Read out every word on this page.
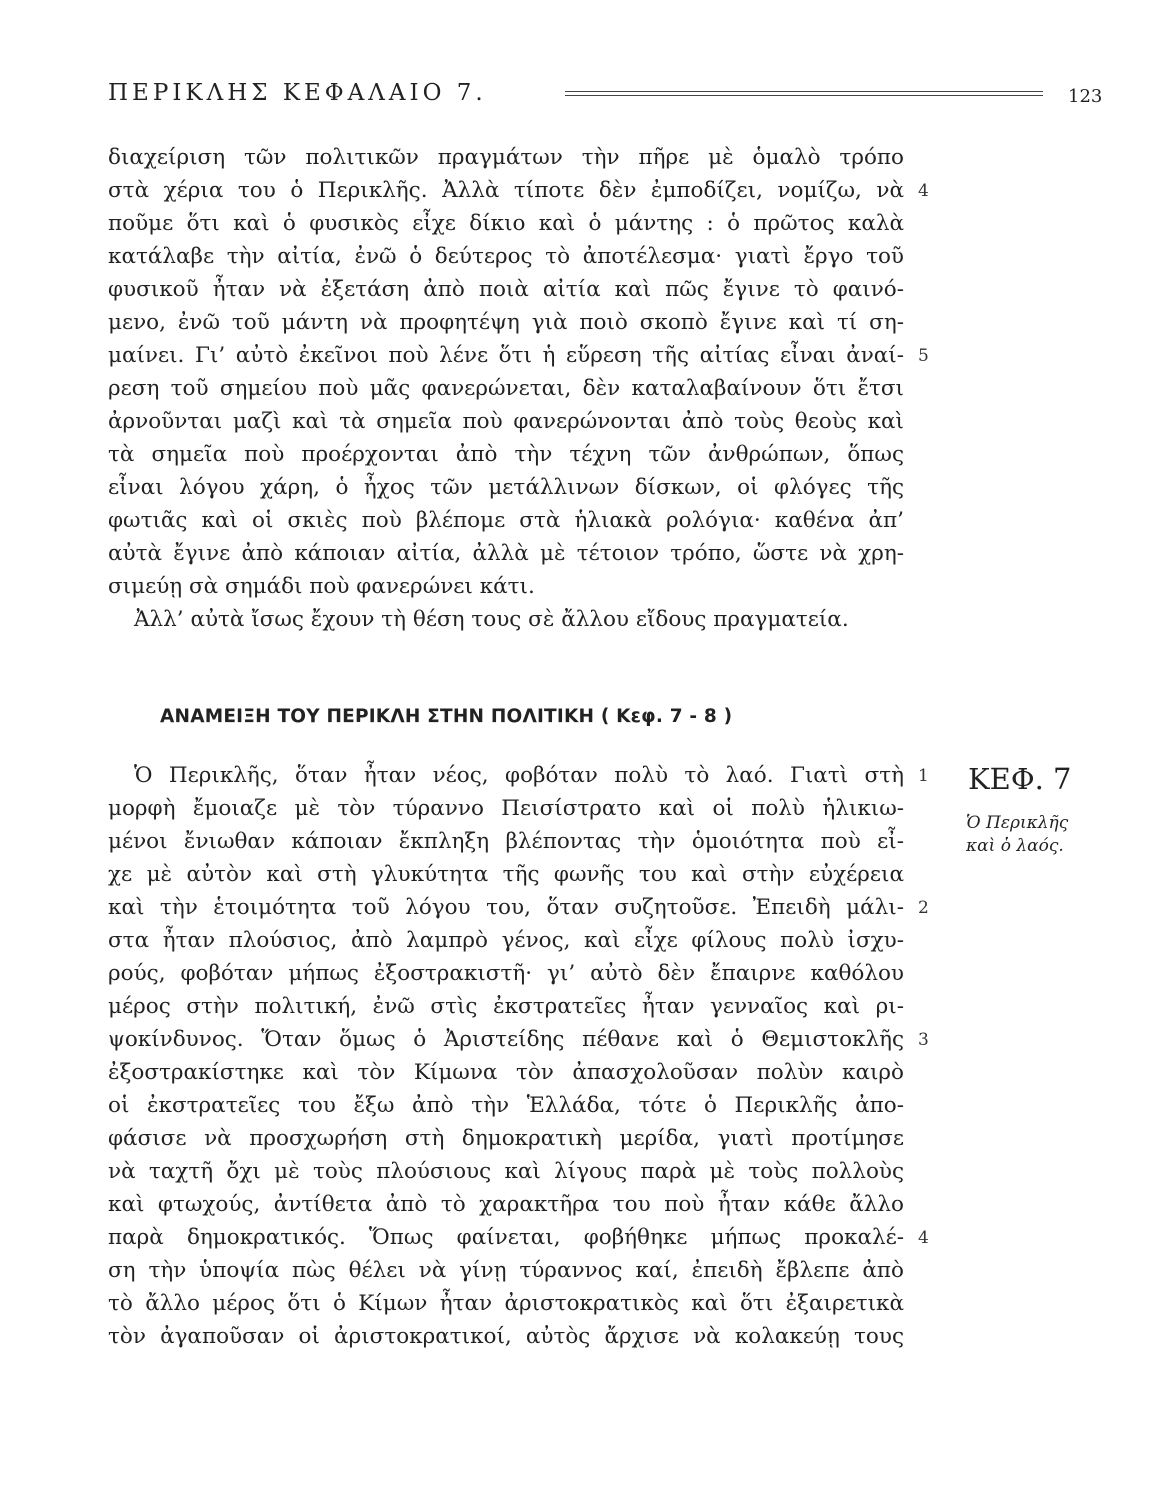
ΠΕΡΙΚΛΗΣ ΚΕΦΑΛΑΙΟ 7.	123
διαχείριση τῶν πολιτικῶν πραγμάτων τὴν πῆρε μὲ ὁμαλὸ τρόπο
στὰ χέρια του ὁ Περικλῆς. Ἀλλὰ τίποτε δὲν ἐμποδίζει, νομίζω, νὰ
ποῦμε ὅτι καὶ ὁ φυσικὸς εἶχε δίκιο καὶ ὁ μάντης : ὁ πρῶτος καλὰ
κατάλαβε τὴν αἰτία, ἐνῶ ὁ δεύτερος τὸ ἀποτέλεσμα· γιατὶ ἔργο τοῦ
φυσικοῦ ἦταν νὰ ἐξετάση ἀπὸ ποιὰ αἰτία καὶ πῶς ἔγινε τὸ φαινό-
μενο, ἐνῶ τοῦ μάντη νὰ προφητέψη γιὰ ποιὸ σκοπὸ ἔγινε καὶ τί ση-
μαίνει. Γι’ αὐτὸ ἐκεῖνοι ποὺ λένε ὅτι ἡ εὕρεση τῆς αἰτίας εἶναι ἀναί-
ρεση τοῦ σημείου ποὺ μᾶς φανερώνεται, δὲν καταλαβαίνουν ὅτι ἔτσι
ἀρνοῦνται μαζὶ καὶ τὰ σημεῖα ποὺ φανερώνονται ἀπὸ τοὺς θεοὺς καὶ
τὰ σημεῖα ποὺ προέρχονται ἀπὸ τὴν τέχνη τῶν ἀνθρώπων, ὅπως
εἶναι λόγου χάρη, ὁ ἦχος τῶν μετάλλινων δίσκων, οἱ φλόγες τῆς
φωτιᾶς καὶ οἱ σκιὲς ποὺ βλέπομε στὰ ἡλιακὰ ρολόγια· καθένα ἀπ’
αὐτὰ ἔγινε ἀπὸ κάποιαν αἰτία, ἀλλὰ μὲ τέτοιον τρόπο, ὥστε νὰ χρη-
σιμεύῃ σὰ σημάδι ποὺ φανερώνει κάτι.
Ἀλλ’ αὐτὰ ἴσως ἔχουν τὴ θέση τους σὲ ἄλλου εἴδους πραγματεία.
4
5
ΑΝΑΜΕΙΞΗ ΤΟΥ ΠΕΡΙΚΛΗ ΣΤΗΝ ΠΟΛΙΤΙΚΗ ( Κεφ. 7 - 8 )
Ὁ Περικλῆς, ὅταν ἦταν νέος, φοβόταν πολὺ τὸ λαό. Γιατὶ στὴ
μορφὴ ἔμοιαζε μὲ τὸν τύραννο Πεισίστρατο καὶ οἱ πολὺ ἡλικιω-
μένοι ἔνιωθαν κάποιαν ἔκπληξη βλέποντας τὴν ὁμοιότητα ποὺ εἶ-
χε μὲ αὐτὸν καὶ στὴ γλυκύτητα τῆς φωνῆς του καὶ στὴν εὐχέρεια
καὶ τὴν ἑτοιμότητα τοῦ λόγου του, ὅταν συζητοῦσε. Ἐπειδὴ μάλι-
στα ἦταν πλούσιος, ἀπὸ λαμπρὸ γένος, καὶ εἶχε φίλους πολὺ ἰσχυ-
ρούς, φοβόταν μήπως ἐξοστρακιστῆ· γι’ αὐτὸ δὲν ἔπαιρνε καθόλου
μέρος στὴν πολιτική, ἐνῶ στὶς ἐκστρατεῖες ἦταν γενναῖος καὶ ρι-
ψοκίνδυνος. Ὅταν ὅμως ὁ Ἀριστείδης πέθανε καὶ ὁ Θεμιστοκλῆς
ἐξοστρακίστηκε καὶ τὸν Κίμωνα τὸν ἀπασχολοῦσαν πολὺν καιρὸ
οἱ ἐκστρατεῖες του ἔξω ἀπὸ τὴν Ἑλλάδα, τότε ὁ Περικλῆς ἀπο-
φάσισε νὰ προσχωρήση στὴ δημοκρατικὴ μερίδα, γιατὶ προτίμησε
νὰ ταχτῆ ὄχι μὲ τοὺς πλούσιους καὶ λίγους παρὰ μὲ τοὺς πολλοὺς
καὶ φτωχούς, ἀντίθετα ἀπὸ τὸ χαρακτῆρα του ποὺ ἦταν κάθε ἄλλο
παρὰ δημοκρατικός. Ὅπως φαίνεται, φοβήθηκε μήπως προκαλέ-
ση τὴν ὑποψία πὼς θέλει νὰ γίνῃ τύραννος καί, ἐπειδὴ ἔβλεπε ἀπὸ
τὸ ἄλλο μέρος ὅτι ὁ Κίμων ἦταν ἀριστοκρατικὸς καὶ ὅτι ἐξαιρετικὰ
τὸν ἀγαποῦσαν οἱ ἀριστοκρατικοί, αὐτὸς ἄρχισε νὰ κολακεύῃ τους
1
2
3
4
ΚΕΦ. 7
Ὁ Περικλῆς
καὶ ὁ λαός.
